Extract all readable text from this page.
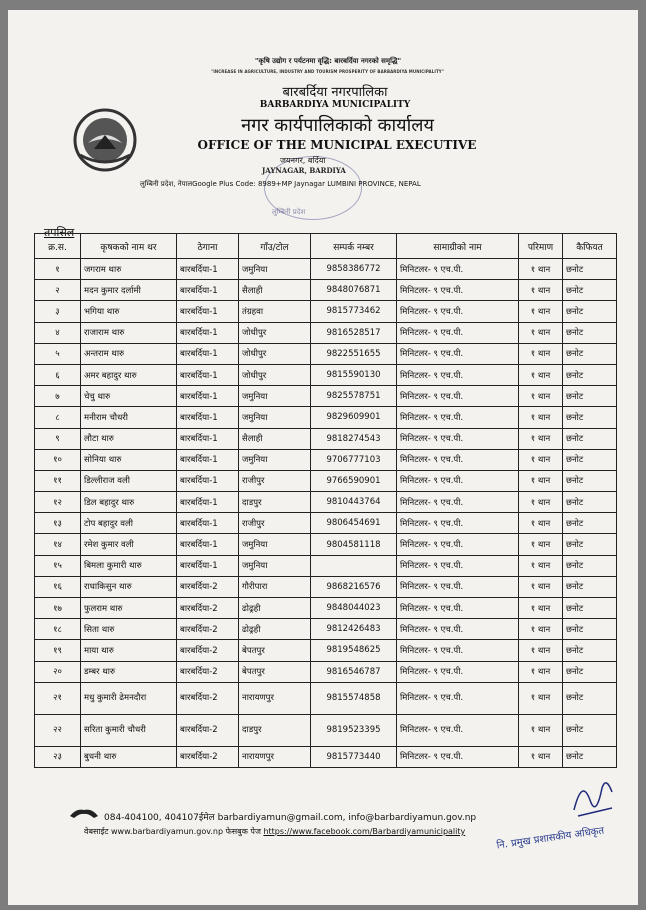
"कृषि उद्योग र पर्यटनमा वृद्धि: बारबर्दिया नगरको समृद्धि"
"INCREASE IN AGRICULTURE, INDUSTRY AND TOURISM PROSPERITY OF BARBARDIYA MUNICIPALITY"
बारबर्दिया नगरपालिका
BARBARDIYA MUNICIPALITY
नगर कार्यपालिकाको कार्यालय
OFFICE OF THE MUNICIPAL EXECUTIVE
जयनगर, बर्दिया
JAYNAGAR, BARDIYA
लुम्बिनी प्रदेश, नेपालGoogle Plus Code: 8989+MP Jaynagar LUMBINI PROVINCE, NEPAL
लुम्बिनी प्रदेश
तपसिल
क्र.स.	कृषकको नाम थर	ठेगाना	गाँउ/टोल	सम्पर्क नम्बर	सामाग्रीको नाम	परिमाण	कैफियत
१	जगराम थारु	बारबर्दिया-1	जमुनिया	9858386772	मिनिटलर- ९ एच.पी.	१ थान	छनोट
२	मदन कुमार दर्लामी	बारबर्दिया-1	सैलाही	9848076871	मिनिटलर- ९ एच.पी.	१ थान	छनोट
३	भगिया थारु	बारबर्दिया-1	तंग्रहवा	9815773462	मिनिटलर- ९ एच.पी.	१ थान	छनोट
४	राजाराम थारु	बारबर्दिया-1	जोधीपुर	9816528517	मिनिटलर- ९ एच.पी.	१ थान	छनोट
५	अन्तराम थारु	बारबर्दिया-1	जोधीपुर	9822551655	मिनिटलर- ९ एच.पी.	१ थान	छनोट
६	अमर बहादुर थारु	बारबर्दिया-1	जोधीपुर	9815590130	मिनिटलर- ९ एच.पी.	१ थान	छनोट
७	चेचु थारु	बारबर्दिया-1	जमुनिया	9825578751	मिनिटलर- ९ एच.पी.	१ थान	छनोट
८	मनीराम चौधरी	बारबर्दिया-1	जमुनिया	9829609901	मिनिटलर- ९ एच.पी.	१ थान	छनोट
९	लौटा थारु	बारबर्दिया-1	सैलाही	9818274543	मिनिटलर- ९ एच.पी.	१ थान	छनोट
१०	सोनिया थारु	बारबर्दिया-1	जमुनिया	9706777103	मिनिटलर- ९ एच.पी.	१ थान	छनोट
११	डिल्लीराज वली	बारबर्दिया-1	राजीपुर	9766590901	मिनिटलर- ९ एच.पी.	१ थान	छनोट
१२	डिल बहादुर थारु	बारबर्दिया-1	दाडपुर	9810443764	मिनिटलर- ९ एच.पी.	१ थान	छनोट
१३	टोप बहादुर वली	बारबर्दिया-1	राजीपुर	9806454691	मिनिटलर- ९ एच.पी.	१ थान	छनोट
१४	रमेश कुमार वली	बारबर्दिया-1	जमुनिया	9804581118	मिनिटलर- ९ एच.पी.	१ थान	छनोट
१५	बिमला कुमारी थारु	बारबर्दिया-1	जमुनिया		मिनिटलर- ९ एच.पी.	१ थान	छनोट
१६	राधाकिसुन थारु	बारबर्दिया-2	गौरीपारा	9868216576	मिनिटलर- ९ एच.पी.	१ थान	छनोट
१७	फुलराम थारु	बारबर्दिया-2	ढोढ्रही	9848044023	मिनिटलर- ९ एच.पी.	१ थान	छनोट
१८	सिता थारु	बारबर्दिया-2	ढोढ्रही	9812426483	मिनिटलर- ९ एच.पी.	१ थान	छनोट
१९	माया थारु	बारबर्दिया-2	बेपतपुर	9819548625	मिनिटलर- ९ एच.पी.	१ थान	छनोट
२०	डम्बर थारु	बारबर्दिया-2	बेपतपुर	9816546787	मिनिटलर- ९ एच.पी.	१ थान	छनोट
२१	मधु कुमारी ढेमनदौरा	बारबर्दिया-2	नारायणपुर	9815574858	मिनिटलर- ९ एच.पी.	१ थान	छनोट
२२	सरिता कुमारी चौधरी	बारबर्दिया-2	दाडपुर	9819523395	मिनिटलर- ९ एच.पी.	१ थान	छनोट
२३	बुधनी थारु	बारबर्दिया-2	नारायणपुर	9815773440	मिनिटलर- ९ एच.पी.	१ थान	छनोट
084-404100, 404107ईमेल barbardiyamun@gmail.com, info@barbardiyamun.gov.np
वेबसाईट www.barbardiyamun.gov.np फेसबुक पेज https://www.facebook.com/Barbardiyamunicipality	नि. प्रमुख प्रशासकीय अधिकृत
